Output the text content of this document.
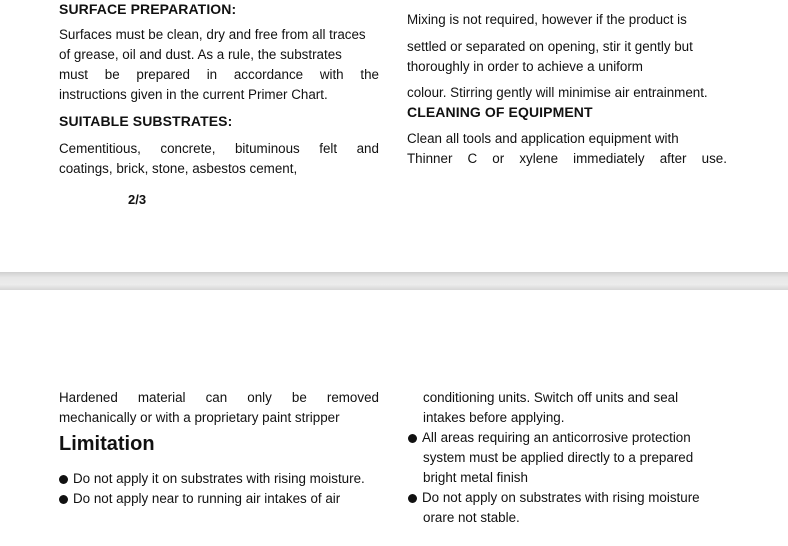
SURFACE PREPARATION:
Surfaces must be clean, dry and free from all traces
of grease, oil and dust. As a rule, the substrates
must be prepared in accordance with the
instructions given in the current Primer Chart.
SUITABLE SUBSTRATES:
Cementitious, concrete, bituminous felt and
coatings, brick, stone, asbestos cement,
2/3
Mixing is not required, however if the product is
settled or separated on opening, stir it gently but
thoroughly in order to achieve a uniform
colour. Stirring gently will minimise air entrainment.
CLEANING OF EQUIPMENT
Clean all tools and application equipment with
Thinner C or xylene immediately after use.
Hardened material can only be removed
mechanically or with a proprietary paint stripper
Limitation
Do not apply it on substrates with rising moisture.
Do not apply near to running air intakes of air
conditioning units. Switch off units and seal
intakes before applying.
All areas requiring an anticorrosive protection
system must be applied directly to a prepared
bright metal finish
Do not apply on substrates with rising moisture
orare not stable.
